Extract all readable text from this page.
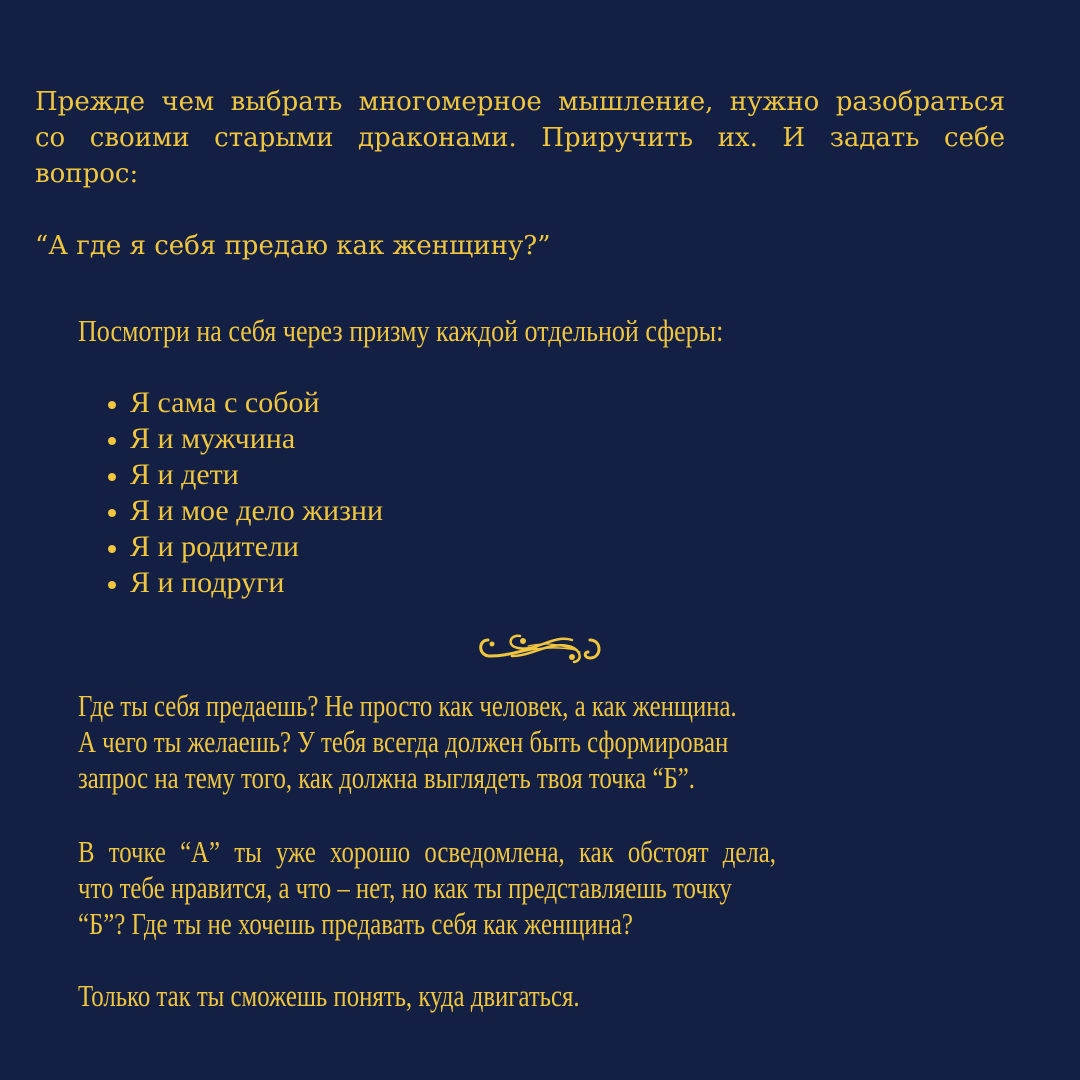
Прежде чем выбрать многомерное мышление, нужно разобраться
со своими старыми драконами. Приручить их. И задать себе
вопрос:
“А где я себя предаю как женщину?”
Посмотри на себя через призму каждой отдельной сферы:
Я сама с собой
Я и мужчина
Я и дети
Я и мое дело жизни
Я и родители
Я и подруги
Где ты себя предаешь? Не просто как человек, а как женщина.
А чего ты желаешь? У тебя всегда должен быть сформирован
запрос на тему того, как должна выглядеть твоя точка “Б”.
В точке “А” ты уже хорошо осведомлена, как обстоят дела,
что тебе нравится, а что – нет, но как ты представляешь точку
“Б”? Где ты не хочешь предавать себя как женщина?
Только так ты сможешь понять, куда двигаться.
